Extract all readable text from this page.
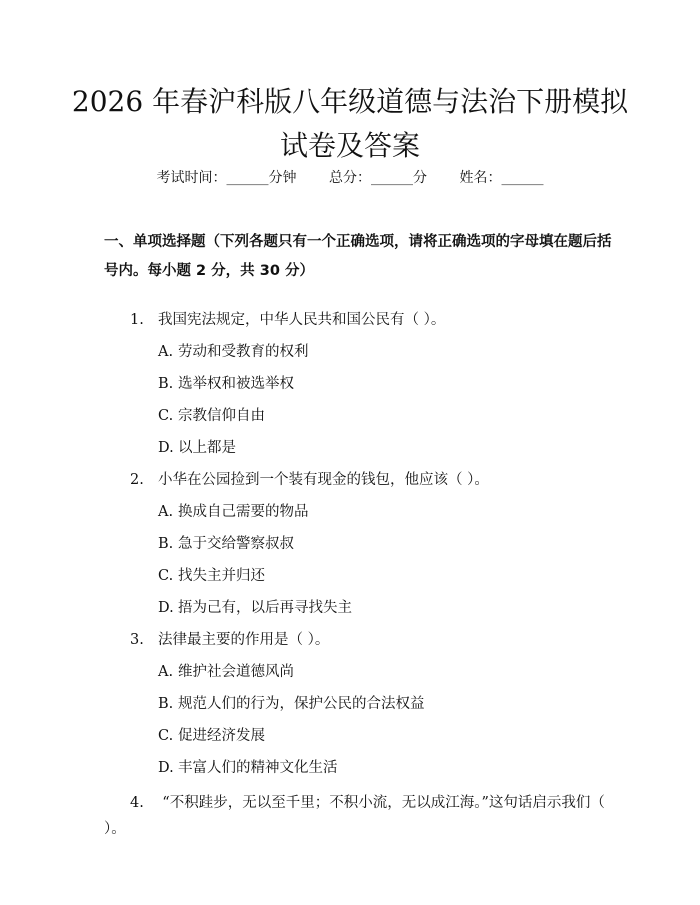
2026 年春沪科版八年级道德与法治下册模拟试卷及答案
考试时间：______分钟 总分：______分 姓名：______
一、单项选择题（下列各题只有一个正确选项，请将正确选项的字母填在题后括号内。每小题 2 分，共 30 分）
1. 我国宪法规定，中华人民共和国公民有（ ）。
A. 劳动和受教育的权利
B. 选举权和被选举权
C. 宗教信仰自由
D. 以上都是
2. 小华在公园捡到一个装有现金的钱包，他应该（ ）。
A. 换成自己需要的物品
B. 急于交给警察叔叔
C. 找失主并归还
D. 捂为己有，以后再寻找失主
3. 法律最主要的作用是（ ）。
A. 维护社会道德风尚
B. 规范人们的行为，保护公民的合法权益
C. 促进经济发展
D. 丰富人们的精神文化生活
4. “不积跬步，无以至千里；不积小流，无以成江海。”这句话启示我们（ ）。
